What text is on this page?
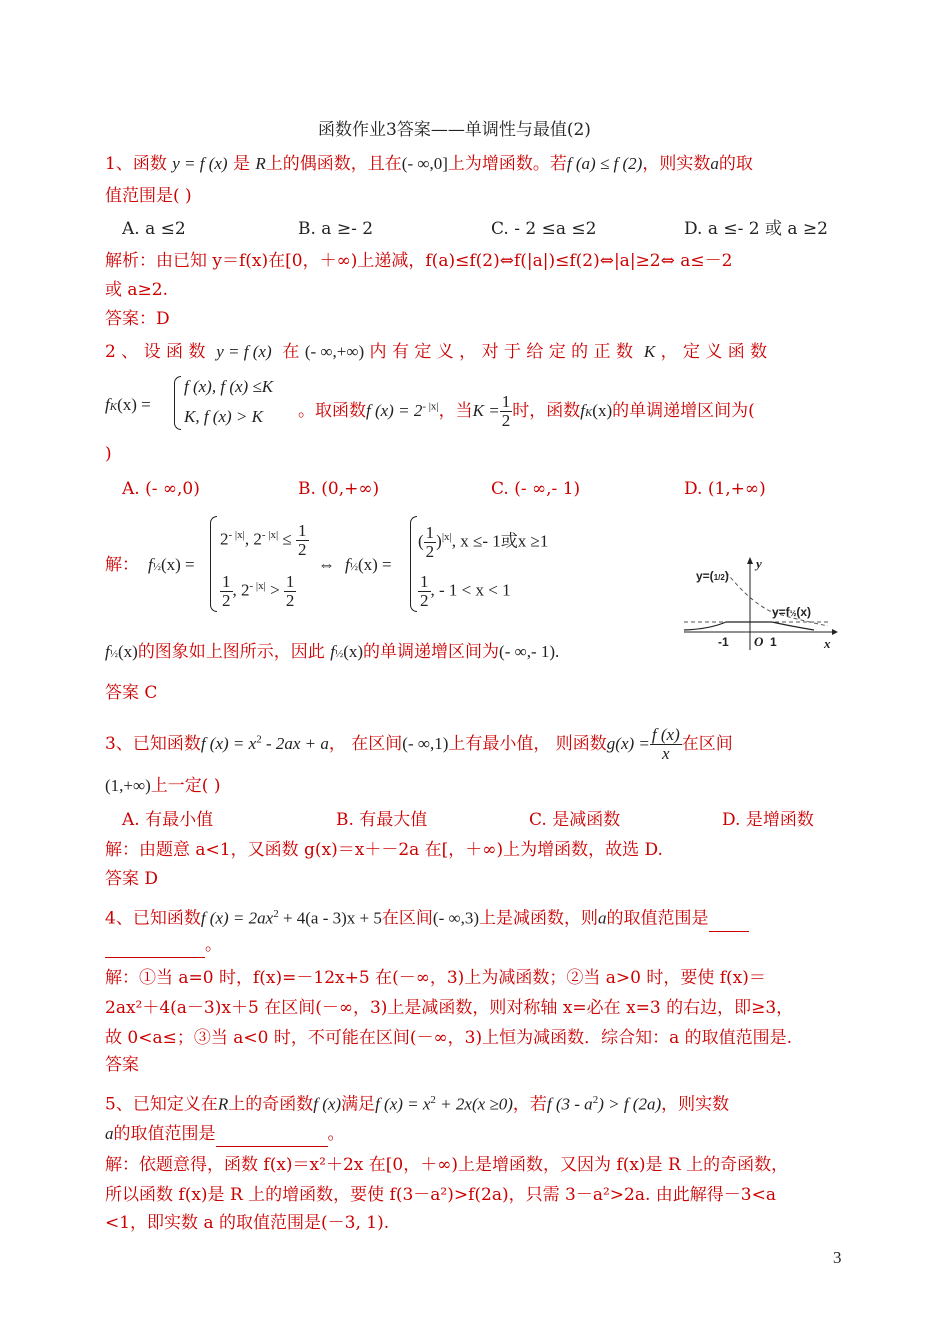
函数作业3答案——单调性与最值(2)
1、函数 y = f (x) 是 R上的偶函数，且在(- ∞,0]上为增函数。若f (a) ≤ f (2)，则实数a的取
值范围是( )
A. a ≤2	B. a ≥- 2	C. - 2 ≤a ≤2	D. a ≤- 2 或 a ≥2
解析：由已知 y＝f(x)在[0，＋∞)上递减，f(a)≤f(2)⇔f(|a|)≤f(2)⇔|a|≥2⇔ a≤－2
或 a≥2.
答案：D
2 、 设 函 数 y = f (x) 在 (- ∞,+∞) 内 有 定 义 ， 对 于 给 定 的 正 数 K ， 定 义 函 数
fK(x) =
f (x), f (x) ≤K
K, f (x) > K 。取函数f $(x) = 2^{- |x|}$，当$K = \frac{1}{2}$ 时，函数fK(x)的单调递增区间为(
)
A. (- ∞,0)	B. (0,+∞)	C. (- ∞,- 1)	D. (1,+∞)
解： f½(x) =
$2^{- |x|}$, $2^{- |x|} \le \frac{1}{2}$
$\frac{1}{2}$ , $2^{- |x|} > \frac{1}{2}$
⇔ f½(x) =
( $\frac{1}{2} )^{|x|}$, x ≤- 1或x ≥1
$\frac{1}{2}$ , - 1 < x < 1
y=(1/2)
y=f½(x)
y
x
-1 O 1
f½(x)的图象如上图所示，因此 f½(x)的单调递增区间为(- ∞,- 1).
答案 C
3、已知函数f $(x) = x^2 - 2ax + a$， 在区间(- ∞,1)上有最小值， 则函数$g(x) = \frac{f (x)}{x}$ 在区间
(1,+∞)上一定( )
A. 有最小值	B. 有最大值	C. 是减函数	D. 是增函数
解：由题意 a<1，又函数 g(x)＝x＋－2a 在[，＋∞)上为增函数，故选 D.
答案 D
4、已知函数f $(x) = 2ax^2 + 4(a - 3)x + 5$在区间(- ∞,3)上是减函数，则a的取值范围是
。
解：①当 a=0 时，f(x)=－12x+5 在(－∞，3)上为减函数；②当 a>0 时，要使 f(x)＝
2ax²＋4(a－3)x＋5 在区间(－∞，3)上是减函数，则对称轴 x=必在 x=3 的右边，即≥3，
故 0<a≤；③当 a<0 时，不可能在区间(－∞，3)上恒为减函数．综合知：a 的取值范围是.
答案
5、已知定义在R上的奇函数f (x)满足f $(x) = x^2 + 2x(x \ge 0)$，若f $(3 - a^2) > f$ (2a)，则实数
a的取值范围是	。
解：依题意得，函数 f(x)＝x²＋2x 在[0，＋∞)上是增函数，又因为 f(x)是 R 上的奇函数，
所以函数 f(x)是 R 上的增函数，要使 f(3－a²)>f(2a)，只需 3－a²>2a. 由此解得－3<a
<1，即实数 a 的取值范围是(－3, 1).
3
